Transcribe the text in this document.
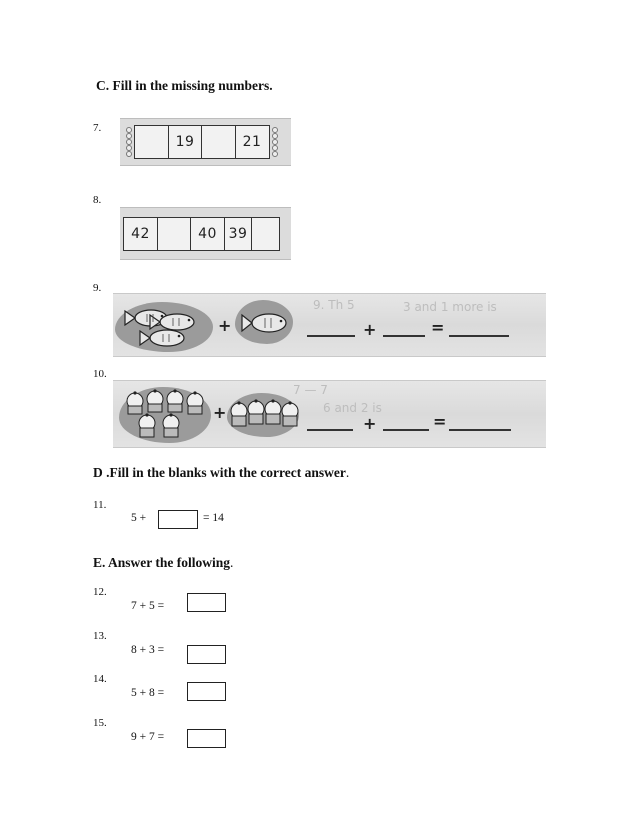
C. Fill in the missing numbers.
7.
19	21
8.
42	40 39
9.
9. Th 5	3 and 1 more is
+	+	=
10.
6 and 2 is
7 — 7
+
+	=
D .Fill in the blanks with the correct answer.
11.
5 +	= 14
E. Answer the following.
12.
7 + 5 =
13.
8 + 3 =
14.
5 + 8 =
15.
9 + 7 =
